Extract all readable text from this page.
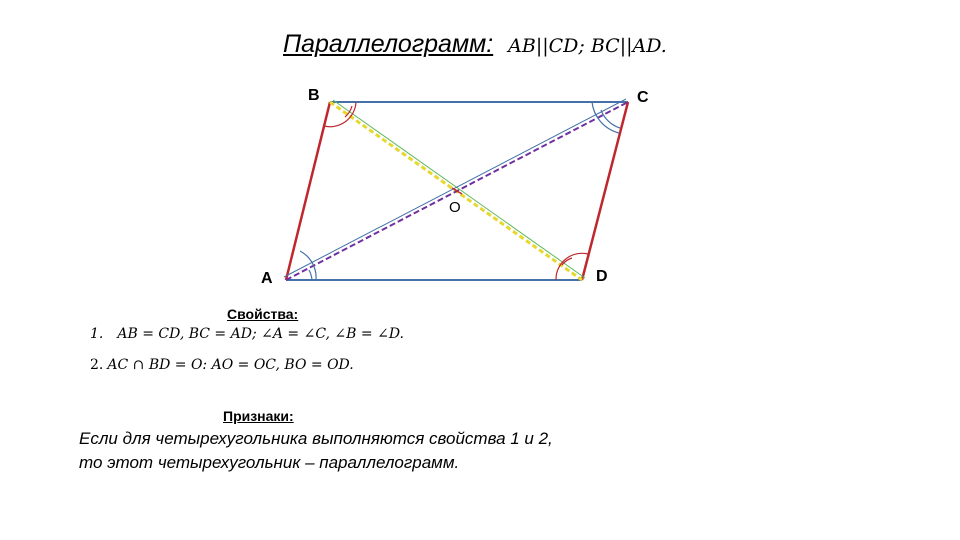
Параллелограмм: AB||CD; BC||AD.
B	C
A	D
O
Свойства:
1. AB = CD, BC = AD; ∠A = ∠C, ∠B = ∠D.
2. AC ∩ BD = O: AO = OC, BO = OD.
Признаки:
Если для четырехугольника выполняются свойства 1 и 2,
то этот четырехугольник – параллелограмм.
